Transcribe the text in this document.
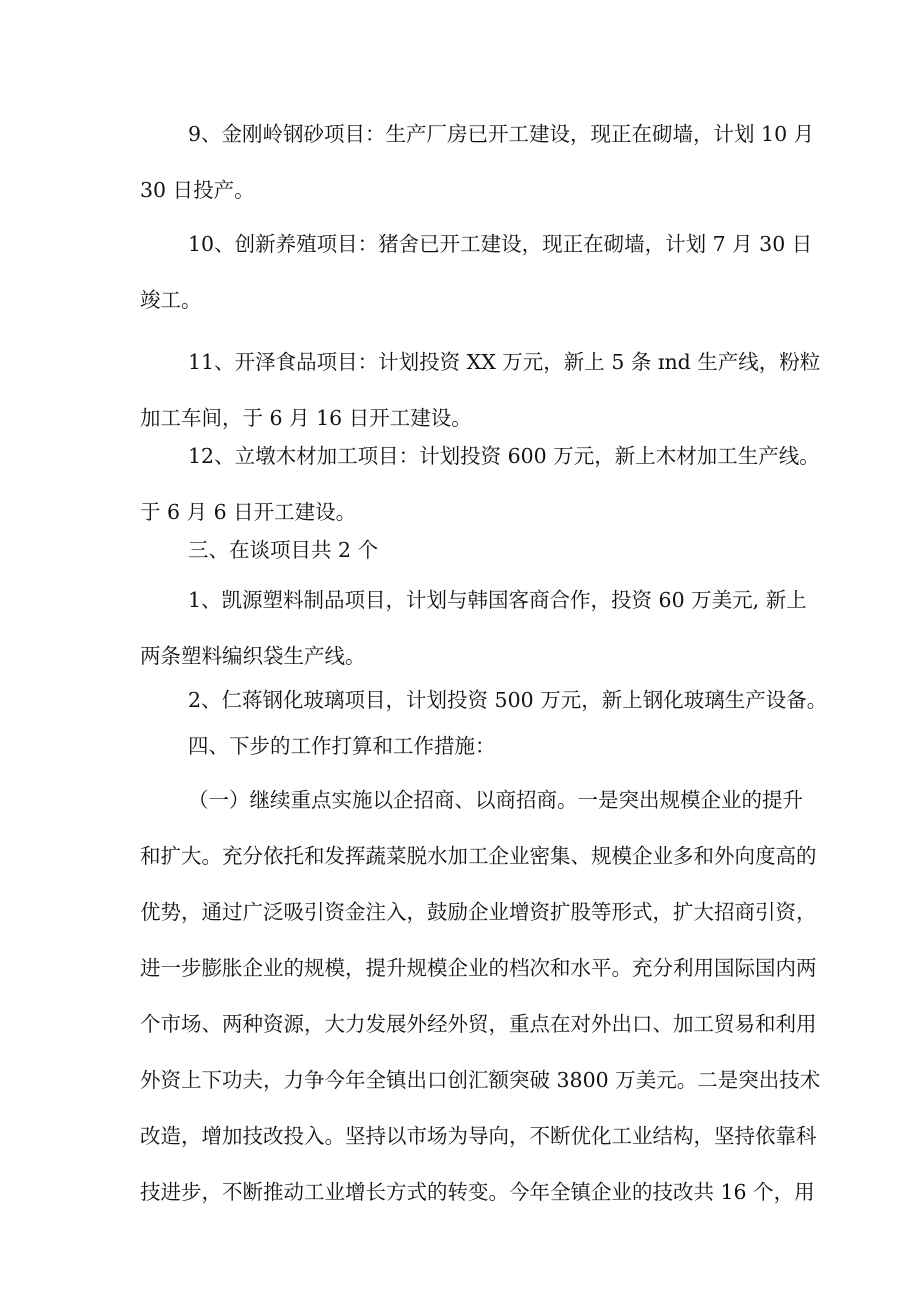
9、金刚岭钢砂项目：生产厂房已开工建设，现正在砌墙，计划 10 月
30 日投产。
10、创新养殖项目：猪舍已开工建设，现正在砌墙，计划 7 月 30 日
竣工。
11、开泽食品项目：计划投资 XX 万元，新上 5 条 ɪnd 生产线，粉粒
加工车间，于 6 月 16 日开工建设。
12、立墩木材加工项目：计划投资 600 万元，新上木材加工生产线。
于 6 月 6 日开工建设。
三、在谈项目共 2 个
1、凯源塑料制品项目，计划与韩国客商合作，投资 60 万美元, 新上
两条塑料编织袋生产线。
2、仁蒋钢化玻璃项目，计划投资 500 万元，新上钢化玻璃生产设备。
四、下步的工作打算和工作措施：
（一）继续重点实施以企招商、以商招商。一是突出规模企业的提升
和扩大。充分依托和发挥蔬菜脱水加工企业密集、规模企业多和外向度高的
优势，通过广泛吸引资金注入，鼓励企业增资扩股等形式，扩大招商引资，
进一步膨胀企业的规模，提升规模企业的档次和水平。充分利用国际国内两
个市场、两种资源，大力发展外经外贸，重点在对外出口、加工贸易和利用
外资上下功夫，力争今年全镇出口创汇额突破 3800 万美元。二是突出技术
改造，增加技改投入。坚持以市场为导向，不断优化工业结构，坚持依靠科
技进步，不断推动工业增长方式的转变。今年全镇企业的技改共 16 个，用
